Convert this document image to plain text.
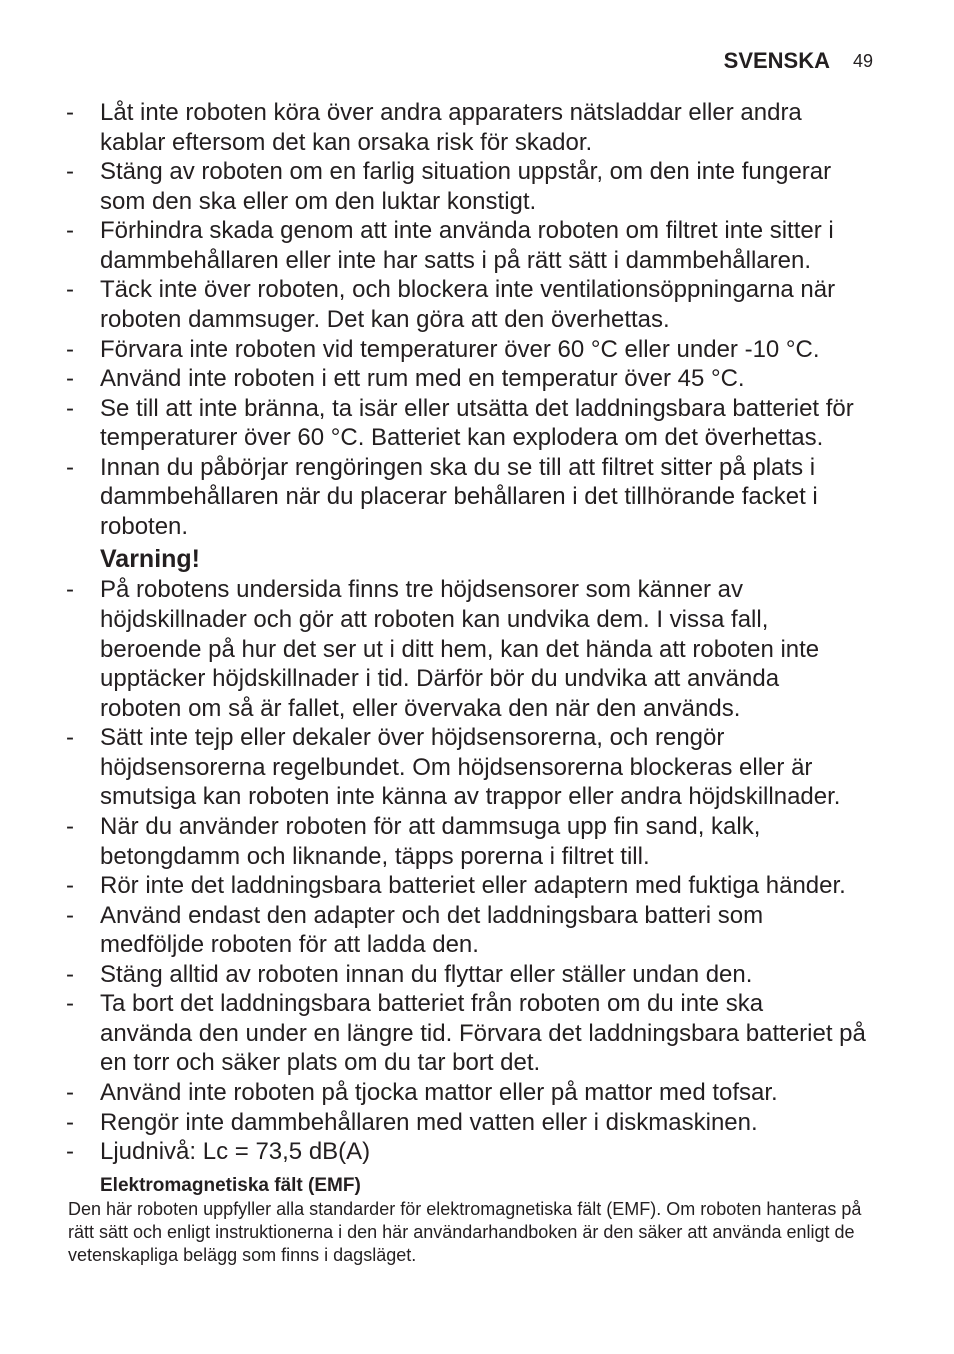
SVENSKA 49
- Låt inte roboten köra över andra apparaters nätsladdar eller andra
kablar eftersom det kan orsaka risk för skador.
- Stäng av roboten om en farlig situation uppstår, om den inte fungerar
som den ska eller om den luktar konstigt.
- Förhindra skada genom att inte använda roboten om filtret inte sitter i
dammbehållaren eller inte har satts i på rätt sätt i dammbehållaren.
- Täck inte över roboten, och blockera inte ventilationsöppningarna när
roboten dammsuger. Det kan göra att den överhettas.
- Förvara inte roboten vid temperaturer över 60 °C eller under -10 °C.
- Använd inte roboten i ett rum med en temperatur över 45 °C.
- Se till att inte bränna, ta isär eller utsätta det laddningsbara batteriet för
temperaturer över 60 °C. Batteriet kan explodera om det överhettas.
- Innan du påbörjar rengöringen ska du se till att filtret sitter på plats i
dammbehållaren när du placerar behållaren i det tillhörande facket i
roboten.
Varning!
- På robotens undersida finns tre höjdsensorer som känner av
höjdskillnader och gör att roboten kan undvika dem. I vissa fall,
beroende på hur det ser ut i ditt hem, kan det hända att roboten inte
upptäcker höjdskillnader i tid. Därför bör du undvika att använda
roboten om så är fallet, eller övervaka den när den används.
- Sätt inte tejp eller dekaler över höjdsensorerna, och rengör
höjdsensorerna regelbundet. Om höjdsensorerna blockeras eller är
smutsiga kan roboten inte känna av trappor eller andra höjdskillnader.
- När du använder roboten för att dammsuga upp fin sand, kalk,
betongdamm och liknande, täpps porerna i filtret till.
- Rör inte det laddningsbara batteriet eller adaptern med fuktiga händer.
- Använd endast den adapter och det laddningsbara batteri som
medföljde roboten för att ladda den.
- Stäng alltid av roboten innan du flyttar eller ställer undan den.
- Ta bort det laddningsbara batteriet från roboten om du inte ska
använda den under en längre tid. Förvara det laddningsbara batteriet på
en torr och säker plats om du tar bort det.
- Använd inte roboten på tjocka mattor eller på mattor med tofsar.
- Rengör inte dammbehållaren med vatten eller i diskmaskinen.
- Ljudnivå: Lc = 73,5 dB(A)
Elektromagnetiska fält (EMF)
Den här roboten uppfyller alla standarder för elektromagnetiska fält (EMF). Om roboten hanteras på
rätt sätt och enligt instruktionerna i den här användarhandboken är den säker att använda enligt de
vetenskapliga belägg som finns i dagsläget.
